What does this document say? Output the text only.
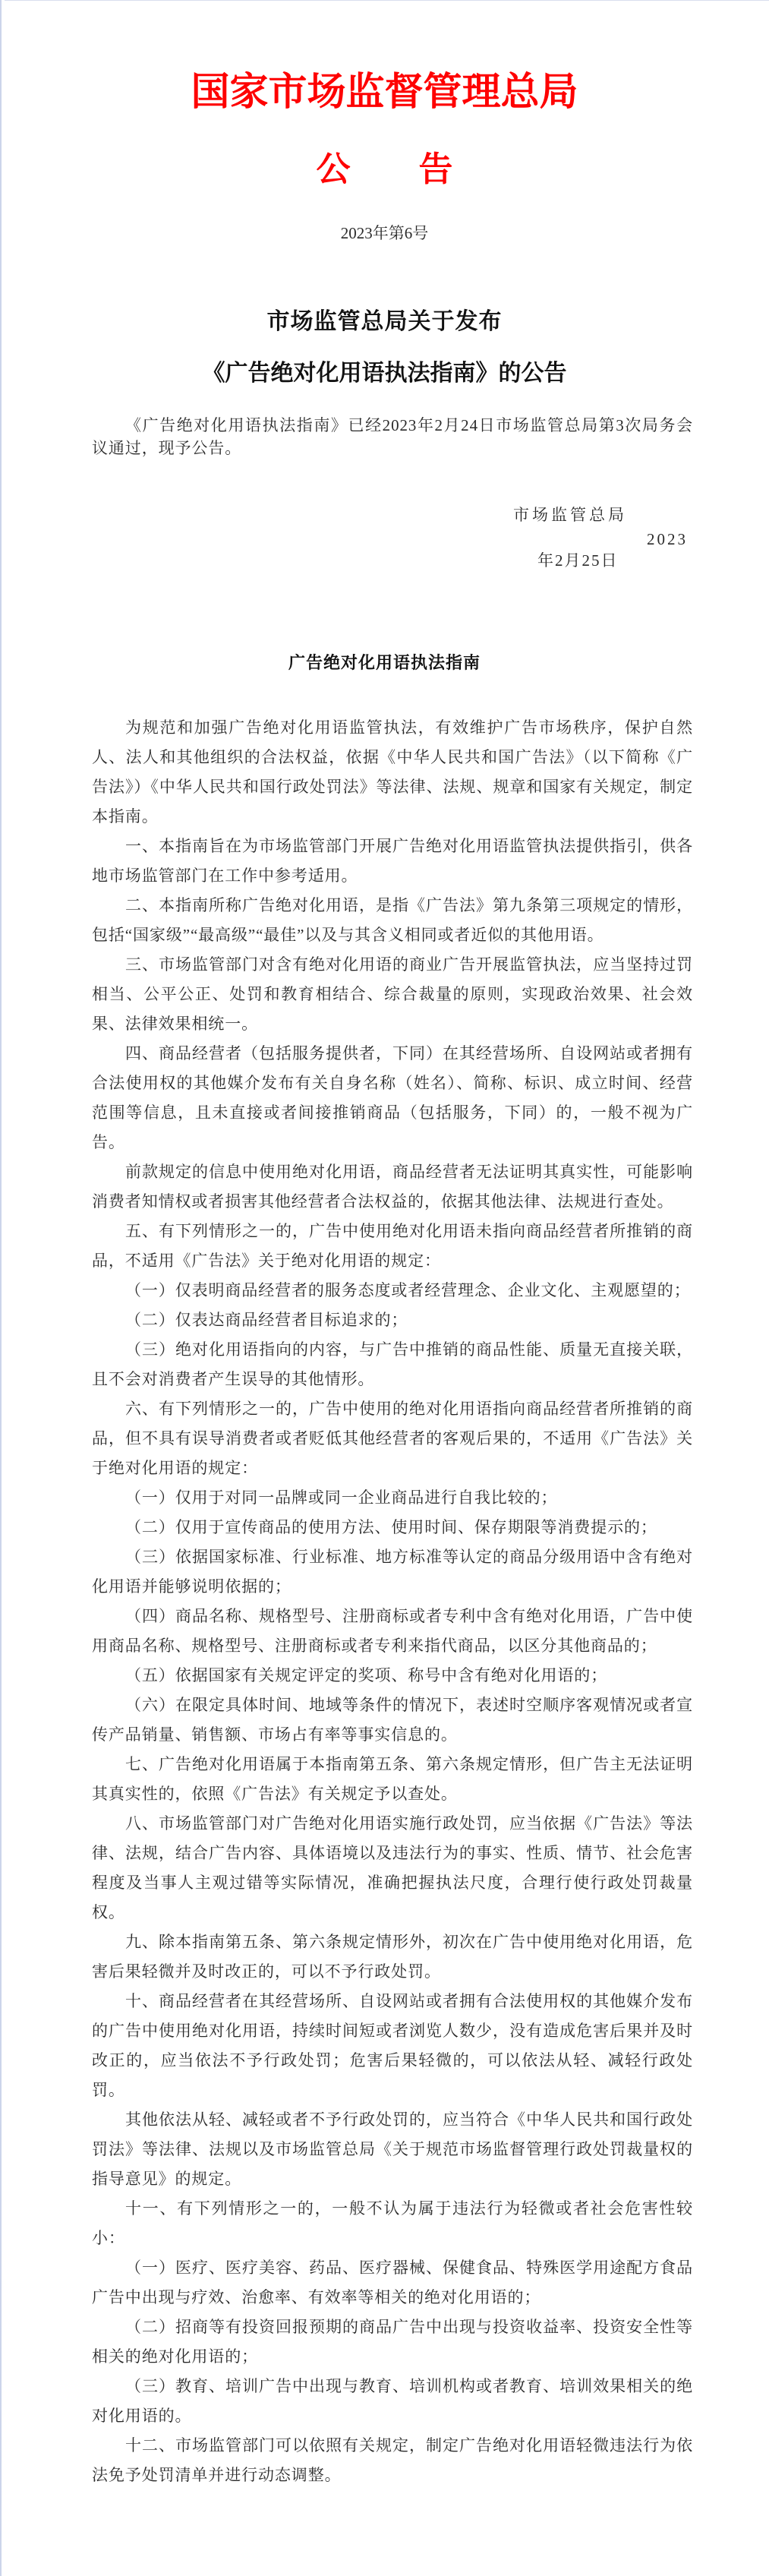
国家市场监督管理总局
公　　告
2023年第6号
市场监管总局关于发布
《广告绝对化用语执法指南》的公告
《广告绝对化用语执法指南》已经2023年2月24日市场监管总局第3次局务会议通过，现予公告。
市场监管总局
2023
年2月25日
广告绝对化用语执法指南

为规范和加强广告绝对化用语监管执法，有效维护广告市场秩序，保护自然人、法人和其他组织的合法权益，依据《中华人民共和国广告法》（以下简称《广告法》）《中华人民共和国行政处罚法》等法律、法规、规章和国家有关规定，制定本指南。

一、本指南旨在为市场监管部门开展广告绝对化用语监管执法提供指引，供各地市场监管部门在工作中参考适用。

二、本指南所称广告绝对化用语，是指《广告法》第九条第三项规定的情形，包括“国家级”“最高级”“最佳”以及与其含义相同或者近似的其他用语。

三、市场监管部门对含有绝对化用语的商业广告开展监管执法，应当坚持过罚相当、公平公正、处罚和教育相结合、综合裁量的原则，实现政治效果、社会效果、法律效果相统一。

四、商品经营者（包括服务提供者，下同）在其经营场所、自设网站或者拥有合法使用权的其他媒介发布有关自身名称（姓名）、简称、标识、成立时间、经营范围等信息，且未直接或者间接推销商品（包括服务，下同）的，一般不视为广告。

前款规定的信息中使用绝对化用语，商品经营者无法证明其真实性，可能影响消费者知情权或者损害其他经营者合法权益的，依据其他法律、法规进行查处。

五、有下列情形之一的，广告中使用绝对化用语未指向商品经营者所推销的商品，不适用《广告法》关于绝对化用语的规定：

（一）仅表明商品经营者的服务态度或者经营理念、企业文化、主观愿望的；

（二）仅表达商品经营者目标追求的；

（三）绝对化用语指向的内容，与广告中推销的商品性能、质量无直接关联，且不会对消费者产生误导的其他情形。

六、有下列情形之一的，广告中使用的绝对化用语指向商品经营者所推销的商品，但不具有误导消费者或者贬低其他经营者的客观后果的，不适用《广告法》关于绝对化用语的规定：

（一）仅用于对同一品牌或同一企业商品进行自我比较的；

（二）仅用于宣传商品的使用方法、使用时间、保存期限等消费提示的；

（三）依据国家标准、行业标准、地方标准等认定的商品分级用语中含有绝对化用语并能够说明依据的；

（四）商品名称、规格型号、注册商标或者专利中含有绝对化用语，广告中使用商品名称、规格型号、注册商标或者专利来指代商品，以区分其他商品的；

（五）依据国家有关规定评定的奖项、称号中含有绝对化用语的；

（六）在限定具体时间、地域等条件的情况下，表述时空顺序客观情况或者宣传产品销量、销售额、市场占有率等事实信息的。

七、广告绝对化用语属于本指南第五条、第六条规定情形，但广告主无法证明其真实性的，依照《广告法》有关规定予以查处。

八、市场监管部门对广告绝对化用语实施行政处罚，应当依据《广告法》等法律、法规，结合广告内容、具体语境以及违法行为的事实、性质、情节、社会危害程度及当事人主观过错等实际情况，准确把握执法尺度，合理行使行政处罚裁量权。

九、除本指南第五条、第六条规定情形外，初次在广告中使用绝对化用语，危害后果轻微并及时改正的，可以不予行政处罚。

十、商品经营者在其经营场所、自设网站或者拥有合法使用权的其他媒介发布的广告中使用绝对化用语，持续时间短或者浏览人数少，没有造成危害后果并及时改正的，应当依法不予行政处罚；危害后果轻微的，可以依法从轻、减轻行政处罚。

其他依法从轻、减轻或者不予行政处罚的，应当符合《中华人民共和国行政处罚法》等法律、法规以及市场监管总局《关于规范市场监督管理行政处罚裁量权的指导意见》的规定。

十一、有下列情形之一的，一般不认为属于违法行为轻微或者社会危害性较小：

（一）医疗、医疗美容、药品、医疗器械、保健食品、特殊医学用途配方食品广告中出现与疗效、治愈率、有效率等相关的绝对化用语的；

（二）招商等有投资回报预期的商品广告中出现与投资收益率、投资安全性等相关的绝对化用语的；

（三）教育、培训广告中出现与教育、培训机构或者教育、培训效果相关的绝对化用语的。

十二、市场监管部门可以依照有关规定，制定广告绝对化用语轻微违法行为依法免予处罚清单并进行动态调整。
